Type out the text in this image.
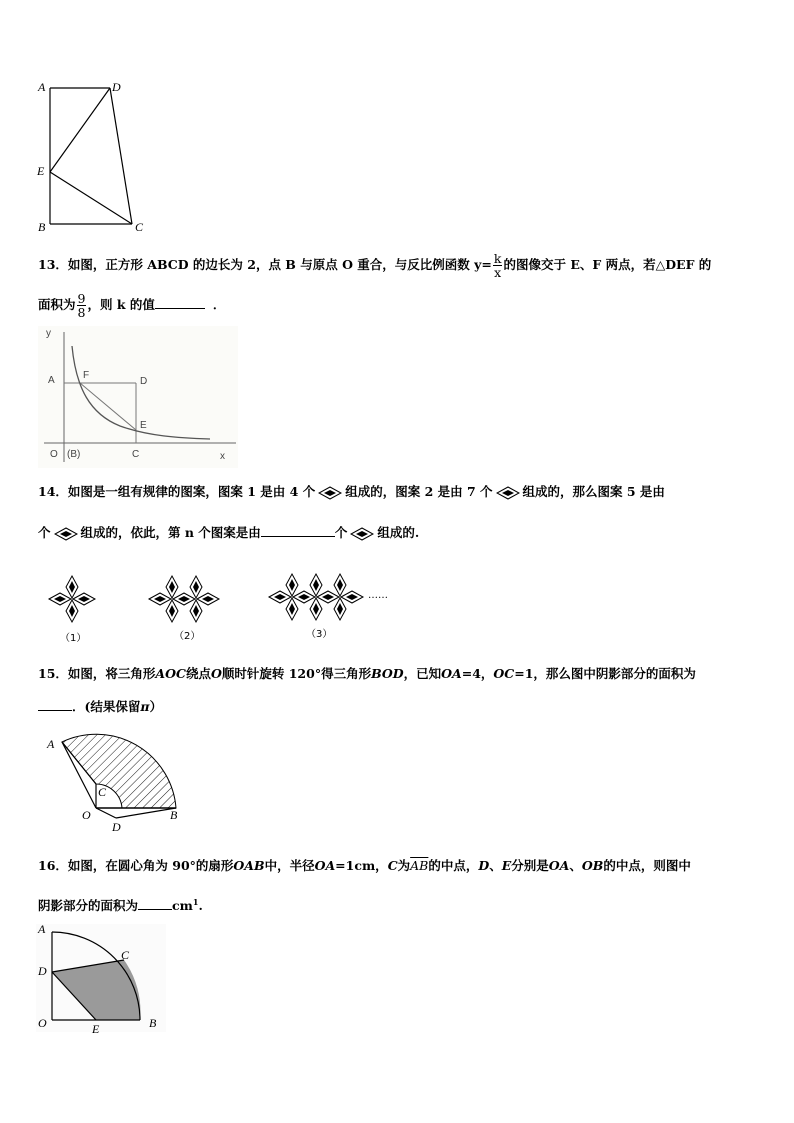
A	D
E
B	C
13．如图，正方形 ABCD 的边长为 2，点 B 与原点 O 重合，与反比例函数 $y= \frac{k}{x}$ 的图像交于 E、F 两点，若△DEF 的
面积为 $\frac{9}{8}$ ，则 k 的值	．
y
A	F
D
E
O (B)	C	x
14．如图是一组有规律的图案，图案 1 是由 4 个 组成的，图案 2 是由 7 个 组成的，那么图案 5 是由
个 组成的，依此，第 n 个图案是由	个 组成的.
……
（1）	（2）	（3）
15．如图，将三角形AOC绕点O顺时针旋转 120°得三角形BOD，已知OA=4，OC=1，那么图中阴影部分的面积为
．(结果保留π）
A
C
O
D
B
16．如图，在圆心角为 90°的扇形OAB中，半径OA=1cm，C为$\overline{AB}$的中点，D、E分别是OA、OB的中点，则图中
阴影部分的面积为	$cm^1$.
A
C
D
O	E	B
